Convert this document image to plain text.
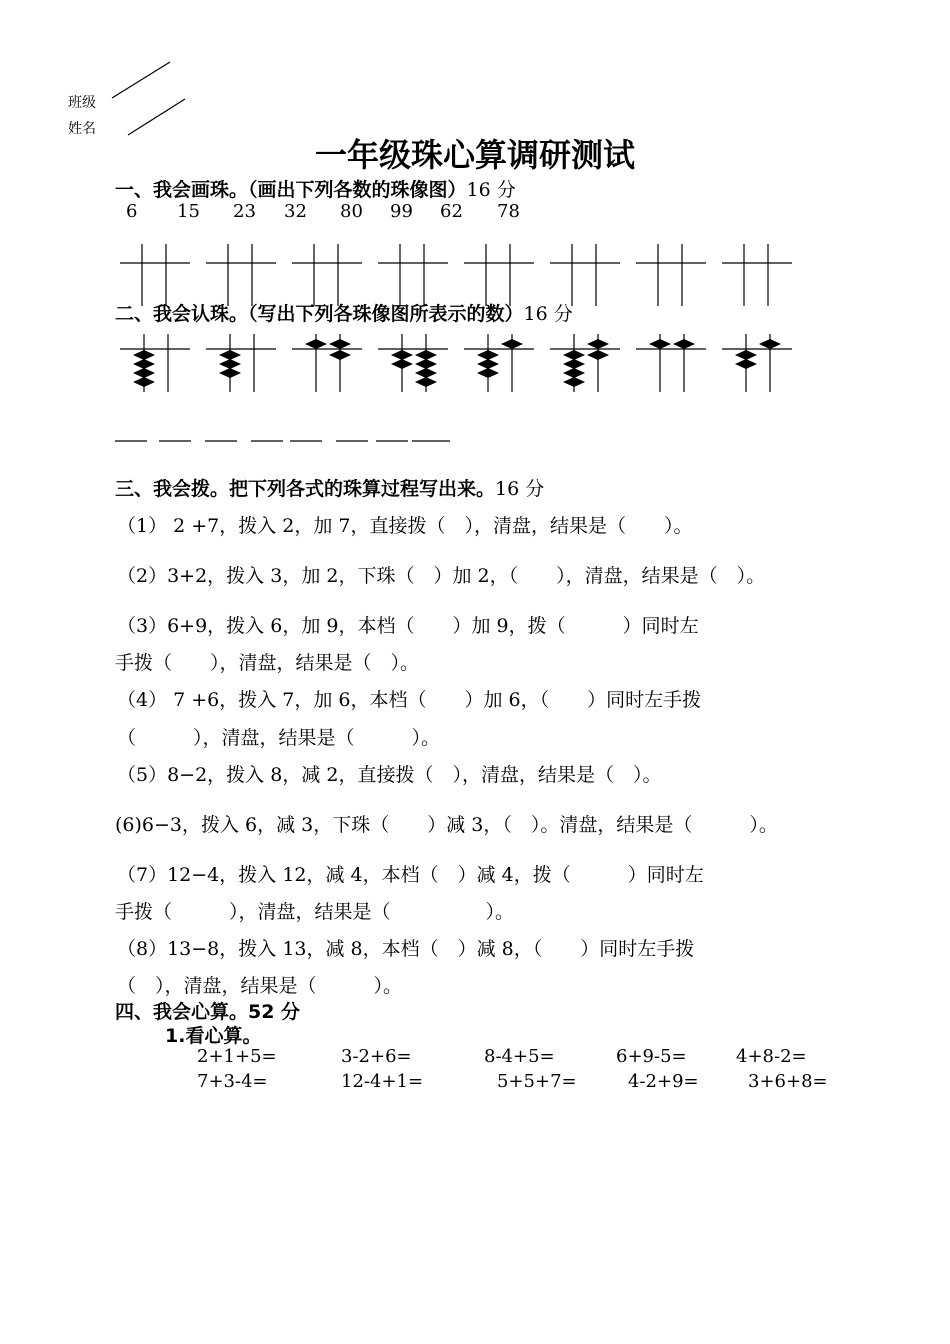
班级
姓名
一年级珠心算调研测试
一、我会画珠。（画出下列各数的珠像图）16 分
6 15 23 32 80 99 62 78
二、我会认珠。（写出下列各珠像图所表示的数）16 分
三、我会拨。把下列各式的珠算过程写出来。16 分
（1） 2 +7，拨入 2，加 7，直接拨（　），清盘，结果是（　　）。
（2）3+2，拨入 3，加 2，下珠（　）加 2，（　　），清盘，结果是（　）。
（3）6+9，拨入 6，加 9，本档（　　）加 9，拨（　　　）同时左
手拨（　　），清盘，结果是（　）。
（4） 7 +6，拨入 7，加 6，本档（　　）加 6，（　　）同时左手拨
（　　　），清盘，结果是（　　　）。
（5）8−2，拨入 8，减 2，直接拨（　），清盘，结果是（　）。
(6)6−3，拨入 6，减 3，下珠（　　）减 3，（　）。清盘，结果是（　　　）。
（7）12−4，拨入 12，减 4，本档（　）减 4，拨（　　　）同时左
手拨（　　　），清盘，结果是（　　　　　）。
（8）13−8，拨入 13，减 8，本档（　）减 8，（　　）同时左手拨
（　），清盘，结果是（　　　）。
四、我会心算。52 分
1.看心算。
2+1+5=	3-2+6=	8-4+5=	6+9-5=	4+8-2=
7+3-4=	12-4+1=	5+5+7=	4-2+9=	3+6+8=
